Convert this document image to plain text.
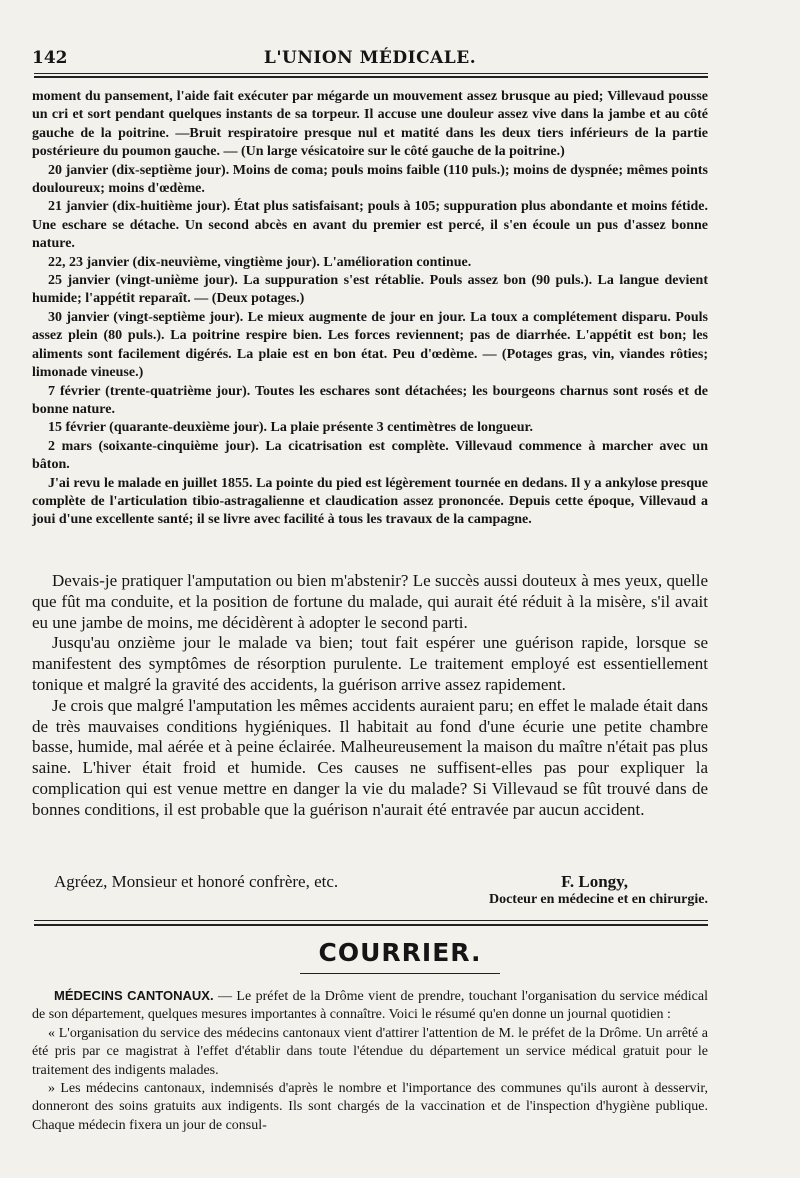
142	L'UNION MÉDICALE.

moment du pansement, l'aide fait exécuter par mégarde un mouvement assez brusque au pied; Villevaud pousse un cri et sort pendant quelques instants de sa torpeur. Il accuse une douleur assez vive dans la jambe et au côté gauche de la poitrine. —Bruit respiratoire presque nul et matité dans les deux tiers inférieurs de la partie postérieure du poumon gauche. — (Un large vésicatoire sur le côté gauche de la poitrine.)

20 janvier (dix-septième jour). Moins de coma; pouls moins faible (110 puls.); moins de dyspnée; mêmes points douloureux; moins d'œdème.

21 janvier (dix-huitième jour). État plus satisfaisant; pouls à 105; suppuration plus abondante et moins fétide. Une eschare se détache. Un second abcès en avant du premier est percé, il s'en écoule un pus d'assez bonne nature.

22, 23 janvier (dix-neuvième, vingtième jour). L'amélioration continue.

25 janvier (vingt-unième jour). La suppuration s'est rétablie. Pouls assez bon (90 puls.). La langue devient humide; l'appétit reparaît. — (Deux potages.)

30 janvier (vingt-septième jour). Le mieux augmente de jour en jour. La toux a complétement disparu. Pouls assez plein (80 puls.). La poitrine respire bien. Les forces reviennent; pas de diarrhée. L'appétit est bon; les aliments sont facilement digérés. La plaie est en bon état. Peu d'œdème. — (Potages gras, vin, viandes rôties; limonade vineuse.)

7 février (trente-quatrième jour). Toutes les eschares sont détachées; les bourgeons charnus sont rosés et de bonne nature.

15 février (quarante-deuxième jour). La plaie présente 3 centimètres de longueur.

2 mars (soixante-cinquième jour). La cicatrisation est complète. Villevaud commence à marcher avec un bâton.

J'ai revu le malade en juillet 1855. La pointe du pied est légèrement tournée en dedans. Il y a ankylose presque complète de l'articulation tibio-astragalienne et claudication assez prononcée. Depuis cette époque, Villevaud a joui d'une excellente santé; il se livre avec facilité à tous les travaux de la campagne.

Devais-je pratiquer l'amputation ou bien m'abstenir? Le succès aussi douteux à mes yeux, quelle que fût ma conduite, et la position de fortune du malade, qui aurait été réduit à la misère, s'il avait eu une jambe de moins, me décidèrent à adopter le second parti.

Jusqu'au onzième jour le malade va bien; tout fait espérer une guérison rapide, lorsque se manifestent des symptômes de résorption purulente. Le traitement employé est essentiellement tonique et malgré la gravité des accidents, la guérison arrive assez rapidement.

Je crois que malgré l'amputation les mêmes accidents auraient paru; en effet le malade était dans de très mauvaises conditions hygiéniques. Il habitait au fond d'une écurie une petite chambre basse, humide, mal aérée et à peine éclairée. Malheureusement la maison du maître n'était pas plus saine. L'hiver était froid et humide. Ces causes ne suffisent-elles pas pour expliquer la complication qui est venue mettre en danger la vie du malade? Si Villevaud se fût trouvé dans de bonnes conditions, il est probable que la guérison n'aurait été entravée par aucun accident.

Agréez, Monsieur et honoré confrère, etc.	F. Longy,
Docteur en médecine et en chirurgie.
COURRIER.

MÉDECINS CANTONAUX. — Le préfet de la Drôme vient de prendre, touchant l'organisation du service médical de son département, quelques mesures importantes à connaître. Voici le résumé qu'en donne un journal quotidien :

« L'organisation du service des médecins cantonaux vient d'attirer l'attention de M. le préfet de la Drôme. Un arrêté a été pris par ce magistrat à l'effet d'établir dans toute l'étendue du département un service médical gratuit pour le traitement des indigents malades.

» Les médecins cantonaux, indemnisés d'après le nombre et l'importance des communes qu'ils auront à desservir, donneront des soins gratuits aux indigents. Ils sont chargés de la vaccination et de l'inspection d'hygiène publique. Chaque médecin fixera un jour de consul-
